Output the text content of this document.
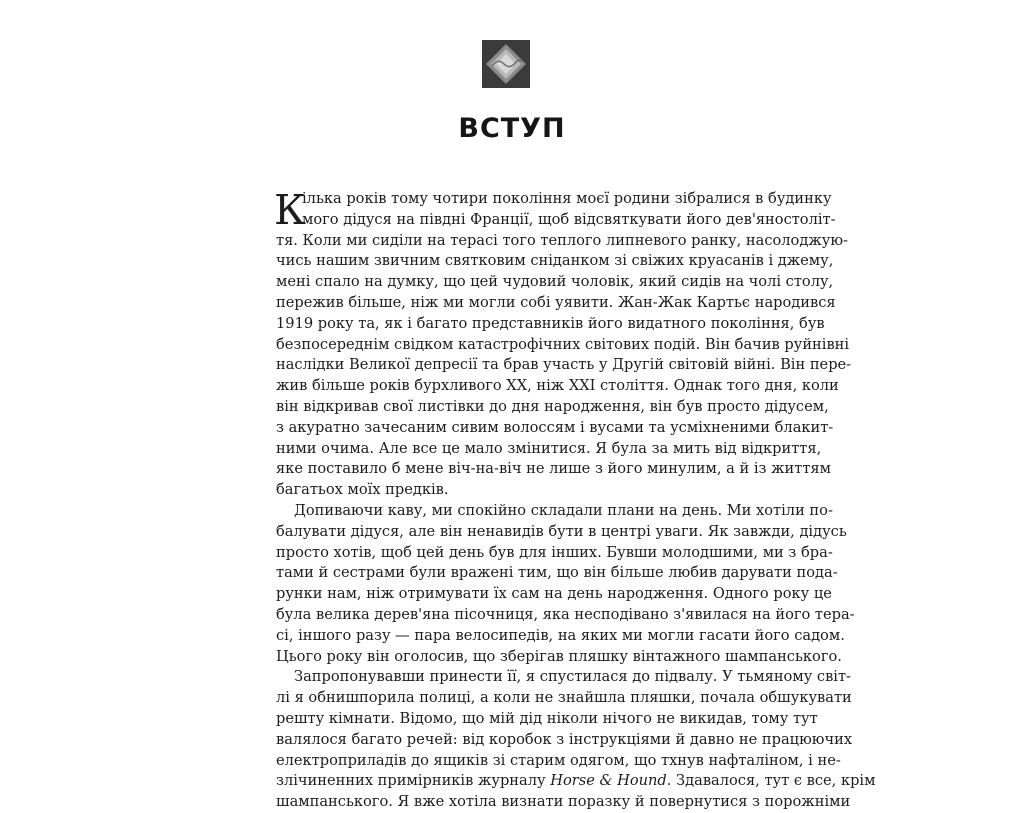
ВСТУП
К
ілька років тому чотири покоління моєї родини зібралися в будинку
мого дідуся на півдні Франції, щоб відсвяткувати його дев'яностоліт-
тя. Коли ми сиділи на терасі того теплого липневого ранку, насолоджую-
чись нашим звичним святковим сніданком зі свіжих круасанів і джему,
мені спало на думку, що цей чудовий чоловік, який сидів на чолі столу,
пережив більше, ніж ми могли собі уявити. Жан-Жак Картьє народився
1919 року та, як і багато представників його видатного покоління, був
безпосереднім свідком катастрофічних світових подій. Він бачив руйнівні
наслідки Великої депресії та брав участь у Другій світовій війні. Він пере-
жив більше років бурхливого ХХ, ніж ХХІ століття. Однак того дня, коли
він відкривав свої листівки до дня народження, він був просто дідусем,
з акуратно зачесаним сивим волоссям і вусами та усміхненими блакит-
ними очима. Але все це мало змінитися. Я була за мить від відкриття,
яке поставило б мене віч-на-віч не лише з його минулим, а й із життям
багатьох моїх предків.
Допиваючи каву, ми спокійно складали плани на день. Ми хотіли по-
балувати дідуся, але він ненавидів бути в центрі уваги. Як завжди, дідусь
просто хотів, щоб цей день був для інших. Бувши молодшими, ми з бра-
тами й сестрами були вражені тим, що він більше любив дарувати пода-
рунки нам, ніж отримувати їх сам на день народження. Одного року це
була велика дерев'яна пісочниця, яка несподівано з'явилася на його тера-
сі, іншого разу — пара велосипедів, на яких ми могли гасати його садом.
Цього року він оголосив, що зберігав пляшку вінтажного шампанського.
Запропонувавши принести її, я спустилася до підвалу. У тьмяному світ-
лі я обнишпорила полиці, а коли не знайшла пляшки, почала обшукувати
решту кімнати. Відомо, що мій дід ніколи нічого не викидав, тому тут
валялося багато речей: від коробок з інструкціями й давно не працюючих
електроприладів до ящиків зі старим одягом, що тхнув нафталіном, і не-
злічиненних примірників журналу Horse & Hound. Здавалося, тут є все, крім
шампанського. Я вже хотіла визнати поразку й повернутися з порожніми
